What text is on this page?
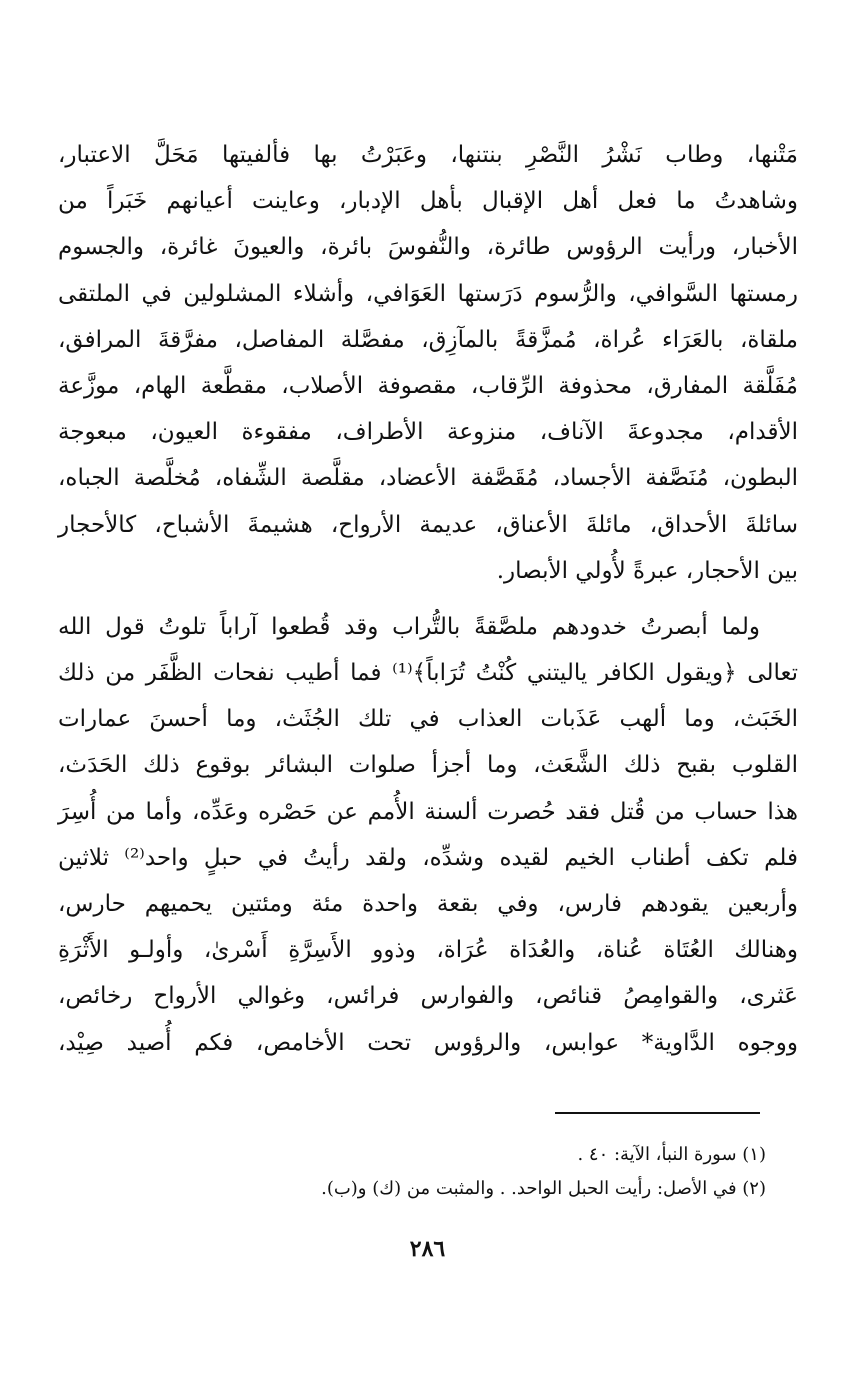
مَتْنها، وطاب نَشْرُ النَّصْرِ بنتنها، وعَبَرْتُ بها فألفيتها مَحَلَّ الاعتبار،
وشاهدتُ ما فعل أهل الإقبال بأهل الإدبار، وعاينت أعيانهم خَبَراً من
الأخبار، ورأيت الرؤوس طائرة، والنُّفوسَ بائرة، والعيونَ غائرة، والجسوم
رمستها السَّوافي، والرُّسوم دَرَستها العَوَافي، وأشلاء المشلولين في الملتقى
ملقاة، بالعَرَاء عُراة، مُمزَّقةً بالمآزِق، مفصَّلة المفاصل، مفرَّقةَ المرافق،
مُفَلَّقة المفارق، محذوفة الرِّقاب، مقصوفة الأصلاب، مقطَّعة الهام، موزَّعة
الأقدام، مجدوعةَ الآناف، منزوعة الأطراف، مفقوءة العيون، مبعوجة
البطون، مُنَصَّفة الأجساد، مُقَصَّفة الأعضاد، مقلَّصة الشِّفاه، مُخلَّصة الجباه،
سائلةَ الأحداق، مائلةَ الأعناق، عديمة الأرواح، هشيمةَ الأشباح، كالأحجار
بين الأحجار، عبرةً لأُولي الأبصار.
ولما أبصرتُ خدودهم ملصَّقةً بالتُّراب وقد قُطعوا آراباً تلوتُ قول الله
تعالى ﴿ويقول الكافر ياليتني كُنْتُ تُرَاباً﴾⁽¹⁾ فما أطيب نفحات الظَّفَر من ذلك
الخَبَث، وما ألهب عَذَبات العذاب في تلك الجُثَث، وما أحسنَ عمارات
القلوب بقبح ذلك الشَّعَث، وما أجزأ صلوات البشائر بوقوع ذلك الحَدَث،
هذا حساب من قُتل فقد حُصرت ألسنة الأُمم عن حَصْره وعَدِّه، وأما من أُسِرَ
فلم تكف أطناب الخيم لقيده وشدِّه، ولقد رأيتُ في حبلٍ واحد⁽²⁾ ثلاثين
وأربعين يقودهم فارس، وفي بقعة واحدة مئة ومئتين يحميهم حارس،
وهنالك العُتَاة عُناة، والعُدَاة عُرَاة، وذوو الأَسِرَّةِ أَسْرىٰ، وأولـو الأَثْرَةِ
عَثرى، والقوامِصُ قنائص، والفوارس فرائس، وغوالي الأرواح رخائص،
ووجوه الدَّاوية* عوابس، والرؤوس تحت الأخامص، فكم أُصيد صِيْد،
(١) سورة النبأ، الآية: ٤٠ .
(٢) في الأصل: رأيت الحبل الواحد. . والمثبت من (ك) و(ب).
٢٨٦
